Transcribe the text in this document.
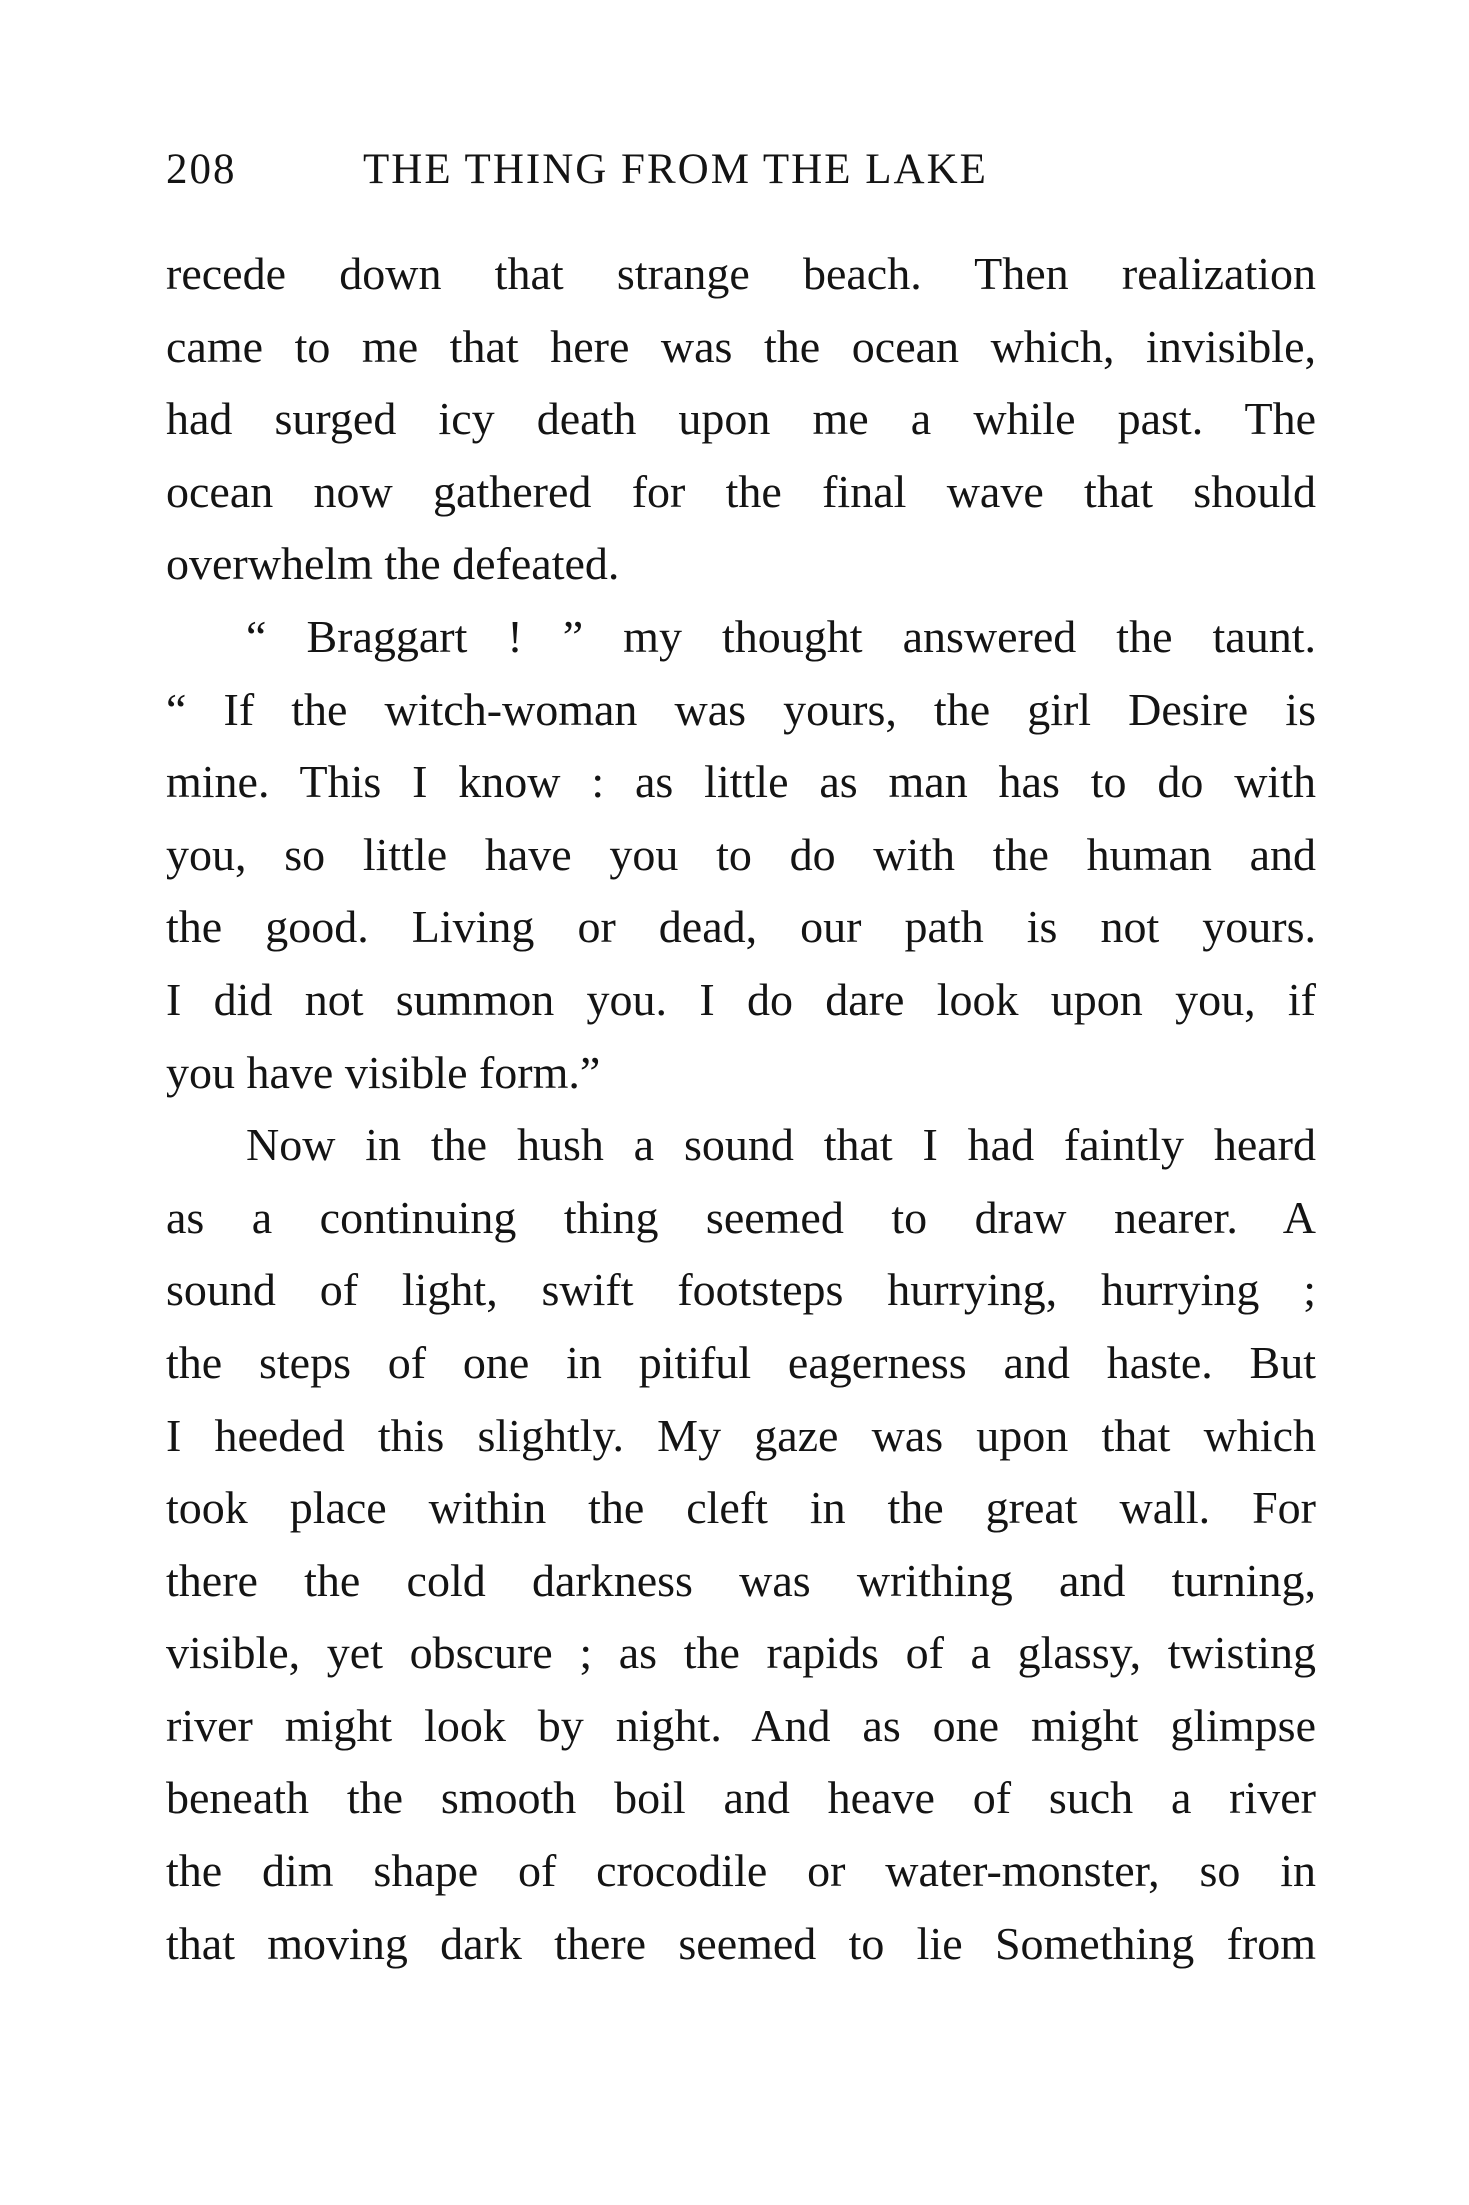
208	THE THING FROM THE LAKE

recede down that strange beach. Then realization
came to me that here was the ocean which, invisible,
had surged icy death upon me a while past. The
ocean now gathered for the final wave that should
overwhelm the defeated.

“ Braggart ! ” my thought answered the taunt.
“ If the witch-woman was yours, the girl Desire is
mine. This I know : as little as man has to do with
you, so little have you to do with the human and
the good. Living or dead, our path is not yours.
I did not summon you. I do dare look upon you, if
you have visible form.”

Now in the hush a sound that I had faintly heard
as a continuing thing seemed to draw nearer. A
sound of light, swift footsteps hurrying, hurrying ;
the steps of one in pitiful eagerness and haste. But
I heeded this slightly. My gaze was upon that which
took place within the cleft in the great wall. For
there the cold darkness was writhing and turning,
visible, yet obscure ; as the rapids of a glassy, twisting
river might look by night. And as one might glimpse
beneath the smooth boil and heave of such a river
the dim shape of crocodile or water-monster, so in
that moving dark there seemed to lie Something from
